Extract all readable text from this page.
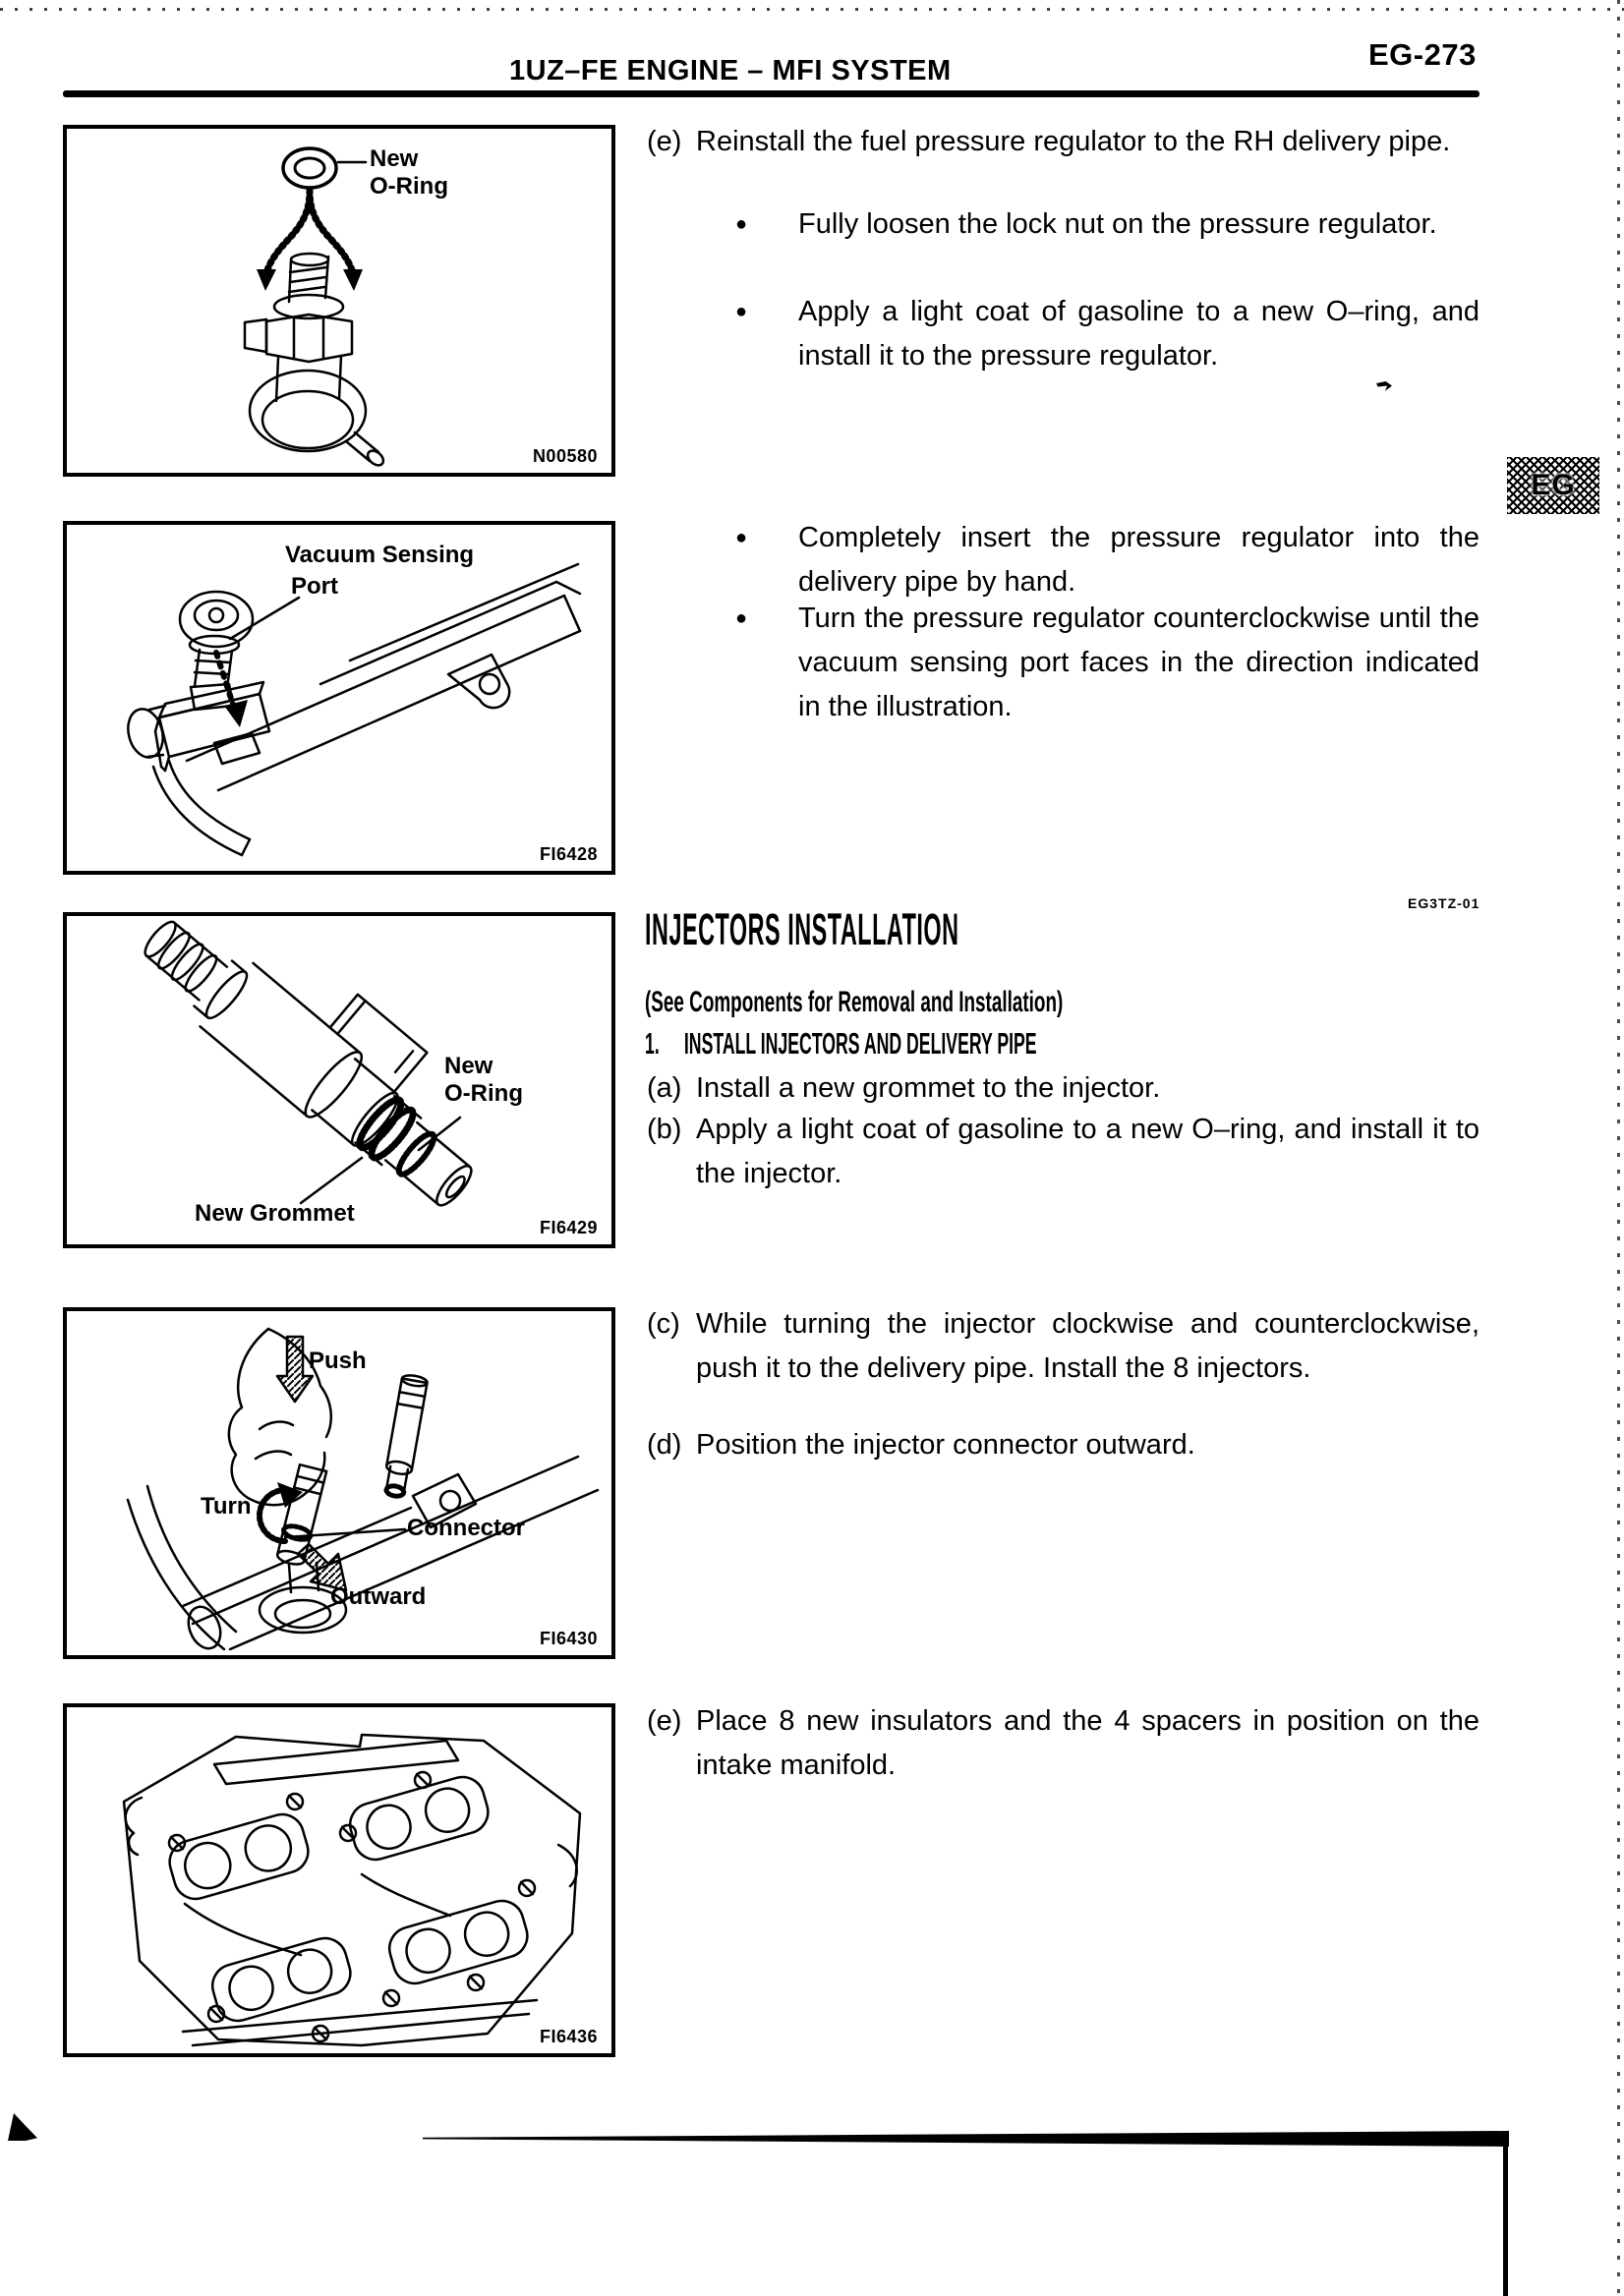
1UZ–FE ENGINE – MFI SYSTEM	EG-273
EG
New
O-Ring
N00580
Vacuum Sensing
Port
FI6428
New
O-Ring
New Grommet
FI6429
Push
Turn
Connector
Outward
FI6430
FI6436
(e) Reinstall the fuel pressure regulator to the RH delivery pipe.

●	Fully loosen the lock nut on the pressure regulator.

●	Apply a light coat of gasoline to a new O–ring, and install it to the pressure regulator.

●	Completely insert the pressure regulator into the delivery pipe by hand.

●	Turn the pressure regulator counterclockwise until the vacuum sensing port faces in the direction indicated in the illustration.

INJECTORS INSTALLATION
EG3TZ-01
(See Components for Removal and Installation)
1. INSTALL INJECTORS AND DELIVERY PIPE
(a) Install a new grommet to the injector.

(b) Apply a light coat of gasoline to a new O–ring, and install it to the injector.

(c) While turning the injector clockwise and counterclockwise, push it to the delivery pipe. Install the 8 injectors.

(d) Position the injector connector outward.

(e) Place 8 new insulators and the 4 spacers in position on the intake manifold.
